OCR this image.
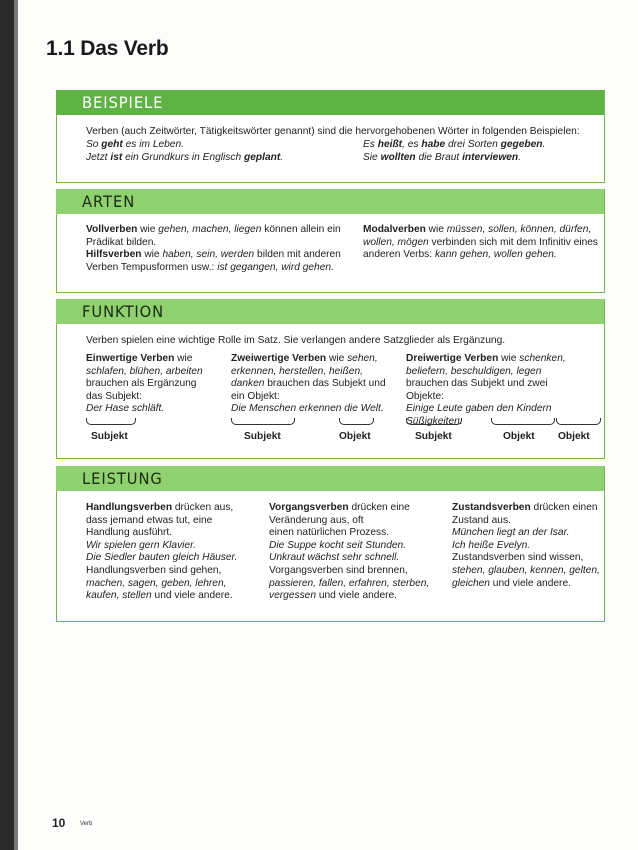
1.1 Das Verb
BEISPIELE
Verben (auch Zeitwörter, Tätigkeitswörter genannt) sind die hervorgehobenen Wörter in folgenden Beispielen:
So geht es im Leben.
Jetzt ist ein Grundkurs in Englisch geplant.
Es heißt, es habe drei Sorten gegeben.
Sie wollten die Braut interviewen.
ARTEN
Vollverben wie gehen, machen, liegen können allein ein
Prädikat bilden.
Hilfsverben wie haben, sein, werden bilden mit anderen
Verben Tempusformen usw.: ist gegangen, wird gehen.
Modalverben wie müssen, sollen, können, dürfen,
wollen, mögen verbinden sich mit dem Infinitiv eines
anderen Verbs: kann gehen, wollen gehen.
FUNKTION
Verben spielen eine wichtige Rolle im Satz. Sie verlangen andere Satzglieder als Ergänzung.
Einwertige Verben wie
schlafen, blühen, arbeiten
brauchen als Ergänzung
das Subjekt:
Der Hase schläft.
Subjekt
Zweiwertige Verben wie sehen,
erkennen, herstellen, heißen,
danken brauchen das Subjekt und
ein Objekt:
Die Menschen erkennen die Welt.
Subjekt	Objekt
Dreiwertige Verben wie schenken,
beliefern, beschuldigen, legen
brauchen das Subjekt und zwei
Objekte:
Einige Leute gaben den Kindern Süßigkeiten.
Subjekt	Objekt Objekt
LEISTUNG
Handlungsverben drücken aus,
dass jemand etwas tut, eine
Handlung ausführt.
Wir spielen gern Klavier.
Die Siedler bauten gleich Häuser.
Handlungsverben sind gehen,
machen, sagen, geben, lehren,
kaufen, stellen und viele andere.
Vorgangsverben drücken eine
Veränderung aus, oft
einen natürlichen Prozess.
Die Suppe kocht seit Stunden.
Unkraut wächst sehr schnell.
Vorgangsverben sind brennen,
passieren, fallen, erfahren, sterben,
vergessen und viele andere.
Zustandsverben drücken einen
Zustand aus.
München liegt an der Isar.
Ich heiße Evelyn.
Zustandsverben sind wissen,
stehen, glauben, kennen, gelten,
gleichen und viele andere.
10 Verb
